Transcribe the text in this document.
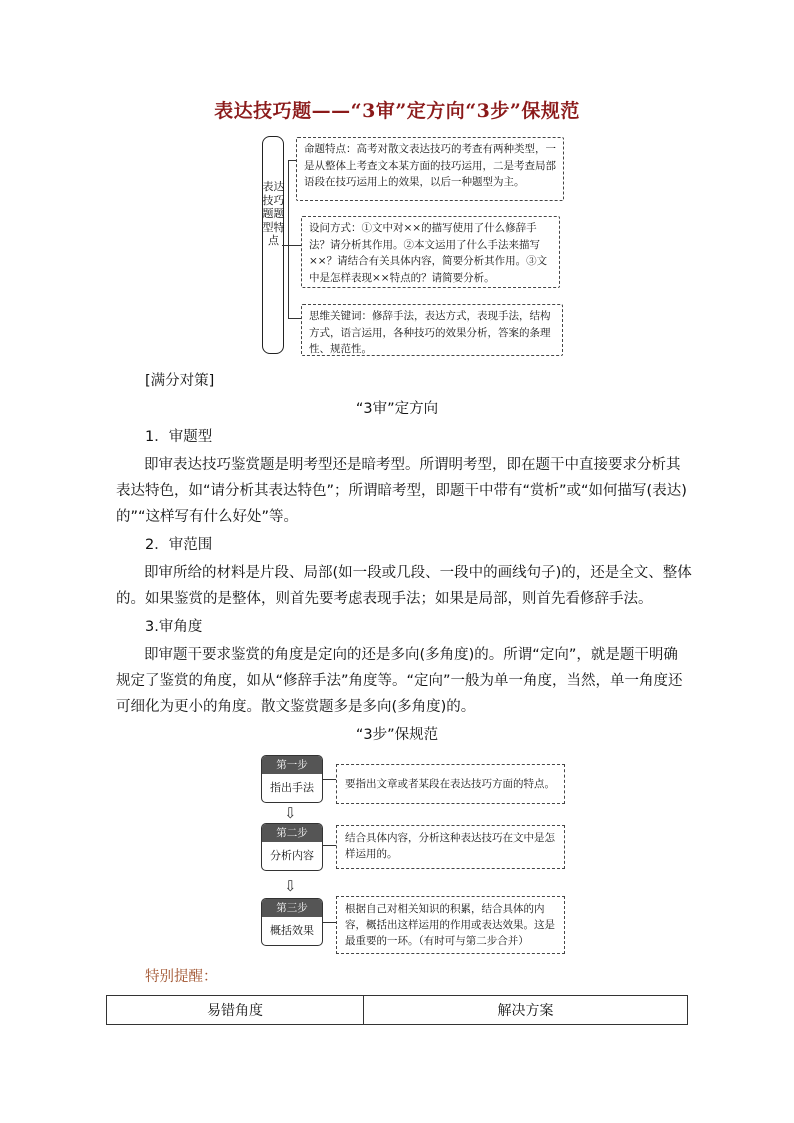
表达技巧题——“3审”定方向“3步”保规范
表达技巧题题型特点
命题特点：高考对散文表达技巧的考查有两种类型，一是从整体上考查文本某方面的技巧运用，二是考查局部语段在技巧运用上的效果，以后一种题型为主。
设问方式：①文中对××的描写使用了什么修辞手法？请分析其作用。②本文运用了什么手法来描写××？请结合有关具体内容，简要分析其作用。③文中是怎样表现××特点的？请简要分析。
思维关键词：修辞手法，表达方式，表现手法，结构方式，语言运用，各种技巧的效果分析，答案的条理性、规范性。
[满分对策]
“3审”定方向
1．审题型
即审表达技巧鉴赏题是明考型还是暗考型。所谓明考型，即在题干中直接要求分析其表达特色，如“请分析其表达特色”；所谓暗考型，即题干中带有“赏析”或“如何描写(表达)的”“这样写有什么好处”等。
2．审范围
即审所给的材料是片段、局部(如一段或几段、一段中的画线句子)的，还是全文、整体的。如果鉴赏的是整体，则首先要考虑表现手法；如果是局部，则首先看修辞手法。
3.审角度
即审题干要求鉴赏的角度是定向的还是多向(多角度)的。所谓“定向”，就是题干明确规定了鉴赏的角度，如从“修辞手法”角度等。“定向”一般为单一角度，当然，单一角度还可细化为更小的角度。散文鉴赏题多是多向(多角度)的。
“3步”保规范
第一步
指出手法	要指出文章或者某段在表达技巧方面的特点。
⇩
第二步
分析内容
结合具体内容，分析这种表达技巧在文中是怎样运用的。
⇩
第三步
概括效果
根据自己对相关知识的积累，结合具体的内容，概括出这样运用的作用或表达效果。这是最重要的一环。（有时可与第二步合并）
特别提醒：
易错角度	解决方案
